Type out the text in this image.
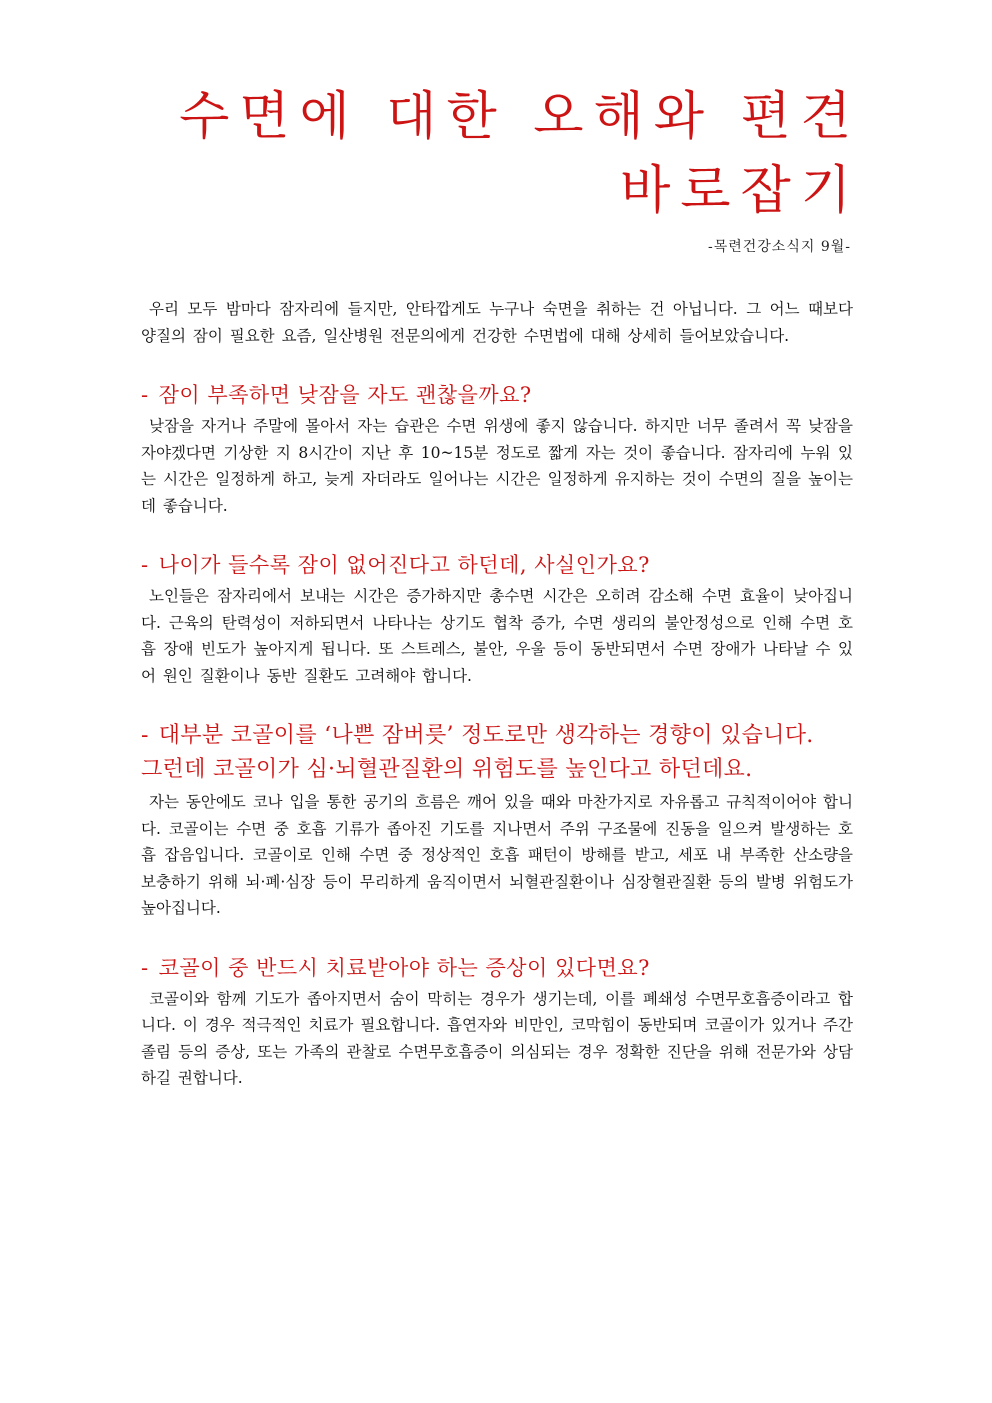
수면에 대한 오해와 편견
바로잡기
-목련건강소식지 9월-

우리 모두 밤마다 잠자리에 들지만, 안타깝게도 누구나 숙면을 취하는 건 아닙니다. 그 어느 때보다 양질의 잠이 필요한 요즘, 일산병원 전문의에게 건강한 수면법에 대해 상세히 들어보았습니다.

- 잠이 부족하면 낮잠을 자도 괜찮을까요?

낮잠을 자거나 주말에 몰아서 자는 습관은 수면 위생에 좋지 않습니다. 하지만 너무 졸려서 꼭 낮잠을 자야겠다면 기상한 지 8시간이 지난 후 10~15분 정도로 짧게 자는 것이 좋습니다. 잠자리에 누워 있는 시간은 일정하게 하고, 늦게 자더라도 일어나는 시간은 일정하게 유지하는 것이 수면의 질을 높이는 데 좋습니다.

- 나이가 들수록 잠이 없어진다고 하던데, 사실인가요?

노인들은 잠자리에서 보내는 시간은 증가하지만 총수면 시간은 오히려 감소해 수면 효율이 낮아집니다. 근육의 탄력성이 저하되면서 나타나는 상기도 협착 증가, 수면 생리의 불안정성으로 인해 수면 호흡 장애 빈도가 높아지게 됩니다. 또 스트레스, 불안, 우울 등이 동반되면서 수면 장애가 나타날 수 있어 원인 질환이나 동반 질환도 고려해야 합니다.

- 대부분 코골이를 ‘나쁜 잠버릇’ 정도로만 생각하는 경향이 있습니다.
그런데 코골이가 심·뇌혈관질환의 위험도를 높인다고 하던데요.

자는 동안에도 코나 입을 통한 공기의 흐름은 깨어 있을 때와 마찬가지로 자유롭고 규칙적이어야 합니다. 코골이는 수면 중 호흡 기류가 좁아진 기도를 지나면서 주위 구조물에 진동을 일으켜 발생하는 호흡 잡음입니다. 코골이로 인해 수면 중 정상적인 호흡 패턴이 방해를 받고, 세포 내 부족한 산소량을 보충하기 위해 뇌·폐·심장 등이 무리하게 움직이면서 뇌혈관질환이나 심장혈관질환 등의 발병 위험도가 높아집니다.

- 코골이 중 반드시 치료받아야 하는 증상이 있다면요?

코골이와 함께 기도가 좁아지면서 숨이 막히는 경우가 생기는데, 이를 폐쇄성 수면무호흡증이라고 합니다. 이 경우 적극적인 치료가 필요합니다. 흡연자와 비만인, 코막힘이 동반되며 코골이가 있거나 주간 졸림 등의 증상, 또는 가족의 관찰로 수면무호흡증이 의심되는 경우 정확한 진단을 위해 전문가와 상담하길 권합니다.
